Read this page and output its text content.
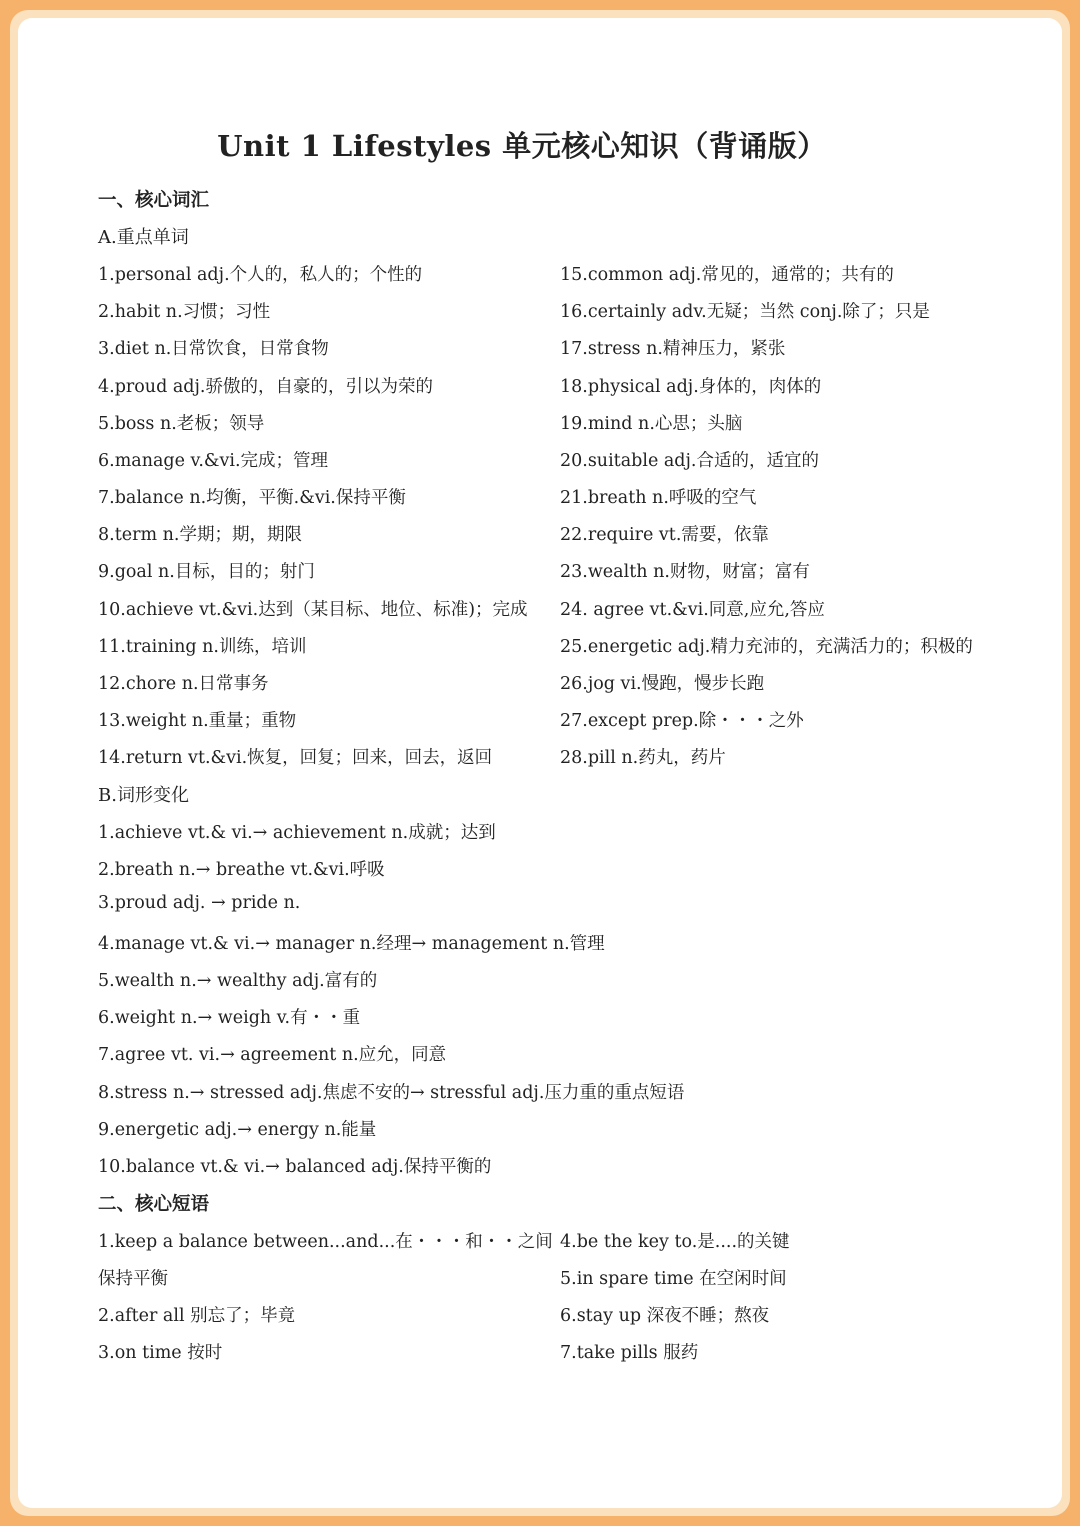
Unit 1 Lifestyles 单元核心知识（背诵版）
一、核心词汇
A.重点单词
1.personal adj.个人的，私人的；个性的
2.habit n.习惯；习性
3.diet n.日常饮食，日常食物
4.proud adj.骄傲的，自豪的，引以为荣的
5.boss n.老板；领导
6.manage v.&vi.完成；管理
7.balance n.均衡，平衡.&vi.保持平衡
8.term n.学期；期，期限
9.goal n.目标，目的；射门
10.achieve vt.&vi.达到（某目标、地位、标准)；完成
11.training n.训练，培训
12.chore n.日常事务
13.weight n.重量；重物
14.return vt.&vi.恢复，回复；回来，回去，返回
15.common adj.常见的，通常的；共有的
16.certainly adv.无疑；当然 conj.除了；只是
17.stress n.精神压力，紧张
18.physical adj.身体的，肉体的
19.mind n.心思；头脑
20.suitable adj.合适的，适宜的
21.breath n.呼吸的空气
22.require vt.需要，依靠
23.wealth n.财物，财富；富有
24. agree vt.&vi.同意,应允,答应
25.energetic adj.精力充沛的，充满活力的；积极的
26.jog vi.慢跑，慢步长跑
27.except prep.除・・・之外
28.pill n.药丸，药片
B.词形变化
1.achieve vt.& vi.→ achievement n.成就；达到
2.breath n.→ breathe vt.&vi.呼吸
3.proud adj. → pride n.
4.manage vt.& vi.→ manager n.经理→ management n.管理
5.wealth n.→ wealthy adj.富有的
6.weight n.→ weigh v.有・・重
7.agree vt. vi.→ agreement n.应允，同意
8.stress n.→ stressed adj.焦虑不安的→ stressful adj.压力重的重点短语
9.energetic adj.→ energy n.能量
10.balance vt.& vi.→ balanced adj.保持平衡的
二、核心短语
1.keep a balance between...and...在・・・和・・之间
保持平衡
2.after all 别忘了；毕竟
3.on time 按时
4.be the key to.是....的关键
5.in spare time 在空闲时间
6.stay up 深夜不睡；熬夜
7.take pills 服药
